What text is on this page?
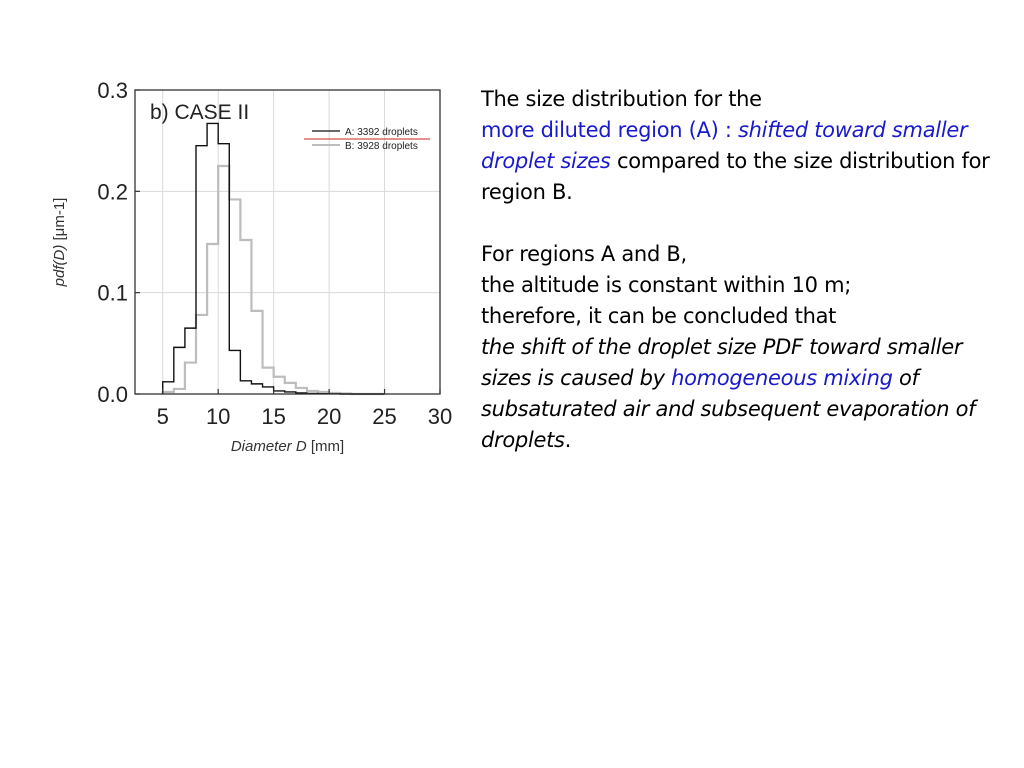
5 10 15 20 25 30
0.0
0.1
0.2
0.3
b) CASE II
Diameter D [mm]
pdf(D) [μm-1]
A: 3392 droplets
B: 3928 droplets
The size distribution for the
more diluted region (A) : shifted toward smaller droplet sizes compared to the size distribution for region B.
For regions A and B,
the altitude is constant within 10 m;
therefore, it can be concluded that
the shift of the droplet size PDF toward smaller sizes is caused by homogeneous mixing of subsaturated air and subsequent evaporation of droplets.
